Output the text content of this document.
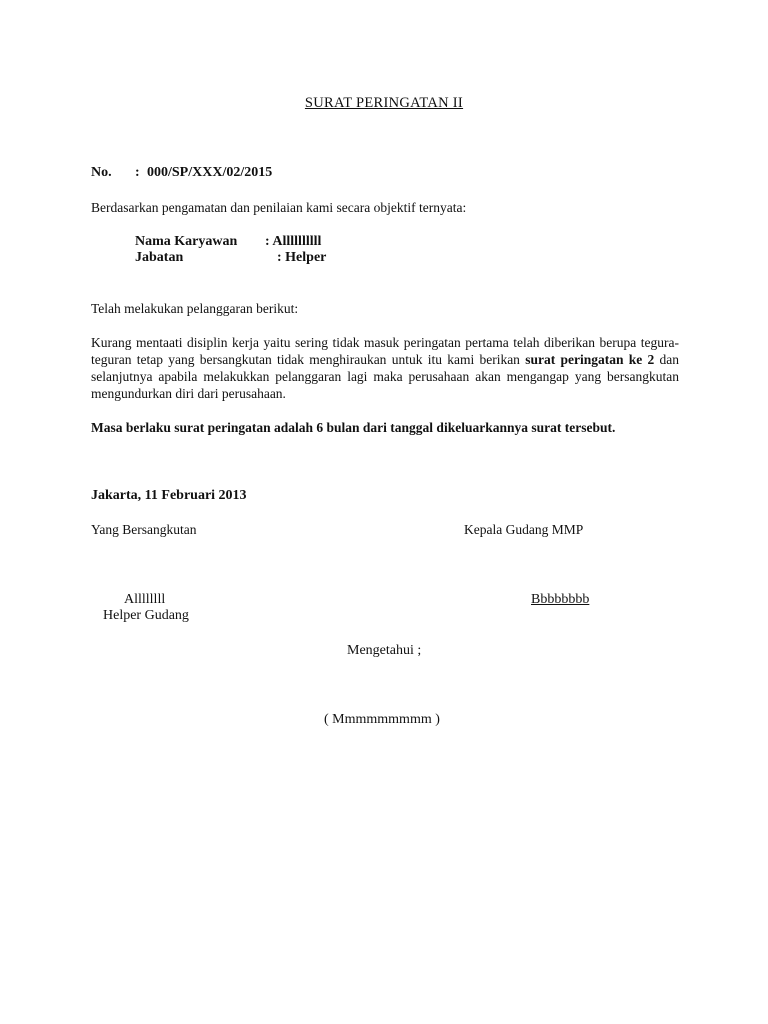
SURAT PERINGATAN II
No. : 000/SP/XXX/02/2015
Berdasarkan pengamatan dan penilaian kami secara objektif ternyata:
Nama Karyawan : Allllllllll
Jabatan	: Helper
Telah melakukan pelanggaran berikut:
Kurang mentaati disiplin kerja yaitu sering tidak masuk peringatan pertama telah diberikan berupa tegura-
teguran tetap yang bersangkutan tidak menghiraukan untuk itu kami berikan surat peringatan ke 2 dan
selanjutnya apabila melakukkan pelanggaran lagi maka perusahaan akan mengangap yang bersangkutan
mengundurkan diri dari perusahaan.
Masa berlaku surat peringatan adalah 6 bulan dari tanggal dikeluarkannya surat tersebut.
Jakarta, 11 Februari 2013
Yang Bersangkutan	Kepala Gudang MMP
Allllllll
Helper Gudang
Bbbbbbbb
Mengetahui ;
( Mmmmmmmmm )
